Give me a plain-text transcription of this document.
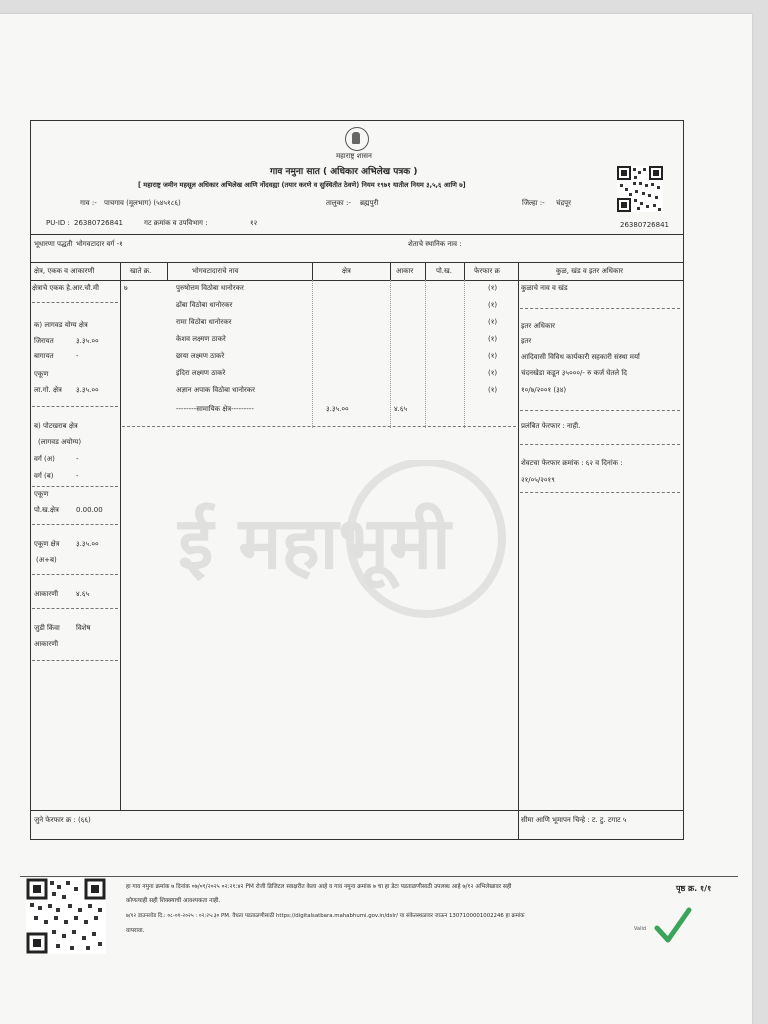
महाराष्ट्र शासन
गाव नमुना सात ( अधिकार अभिलेख पत्रक )
[ महाराष्ट्र जमीन महसूल अधिकार अभिलेख आणि नोंदवह्या (तयार करणे व सुस्थितीत ठेवणे) नियम १९७१ यातील नियम ३,५,६ आणि ७]
गाव :- पाचगाव (मूलभाग) (५४५१८६)	तालुका :- ब्रह्मपुरी	जिल्हा :- चंद्रपूर
PU-ID : 26380726841	गट क्रमांक व उपविभाग :	१२	26380726841
भूधारणा पद्धती भोगवटादार वर्ग -१	शेताचे स्थानिक नाव :
क्षेत्र, एकक व आकारणी	खाते क्र.	भोगवटादाराचे नाव	क्षेत्र	आकार	पो.ख.	फेरफार क्र	कुळ, खंड व इतर अधिकार
क्षेत्राचे एकक हे.आर.चौ.मी
क) लागवड योग्य क्षेत्र
जिरायत	३.३५.००
बागायत	-
एकूण
ला.गो. क्षेत्र ३.३५.००
ब) पोटखराब क्षेत्र
(लागवड अयोग्य)
वर्ग (अ)	-
वर्ग (ब)	-
एकूण
पो.ख.क्षेत्र 0.00.00
एकूण क्षेत्र ३.३५.००
(अ+ब)
आकारणी	४.६५
जुडी किंवा विशेष
आकारणी
७	पुरुषोत्तम विठोबा धानोरकर	(१)
ढोंबा विठोबा धानोरकर	(१)
रामा विठोबा धानोरकर	(१)
केशव लक्ष्मण ठाकरे	(१)
छाया लक्ष्मण ठाकरे	(१)
इंदिरा लक्ष्मण ठाकरे	(१)
अज्ञान अपाक विठोबा धानोरकर	(१)
--------सामायिक क्षेत्र---------	३.३५.००	४.६५
कुळाचे नाव व खंड
इतर अधिकार
इतर
आदिवासी विविध कार्यकारी सहकारी संस्था मर्या
चंदनखेडा कडून ३५०००/- रु कर्ज घेतले दि
१०/७/२००१ (३४)
प्रलंबित फेरफार : नाही.
शेवटचा फेरफार क्रमांक : ६२ व दिनांक :
२१/०५/२०१९
ई महाभूमी
जुने फेरफार क्र : (६६)	सीमा आणि भूमापन चिन्हे : ट. टु. टगाट ५
हा गाव नमुना क्रमांक ७ दिनांक ०७/०१/२०२५ ०२:२१:४२ PM रोजी डिजिटल स्वाक्षरीत केला आहे व गाव नमुना क्रमांक ७ चा हा डेटा पडताळणीसाठी उपलब्ध आहे ७/१२ अभिलेखावर सही
कोणत्याही सही शिक्क्याची आवश्यकता नाही.
७/१२ डाउनलोड दि.: ०८-०१-२०२५ : ०२:२५:३० PM. वैधता पडताळणीसाठी https://digitalsatbara.mahabhumi.gov.in/dsIr/ या संकेतस्थळावर जाऊन 1307100001002246 हा क्रमांक
वापरावा.
पृष्ठ क्र. १/१
Valid
